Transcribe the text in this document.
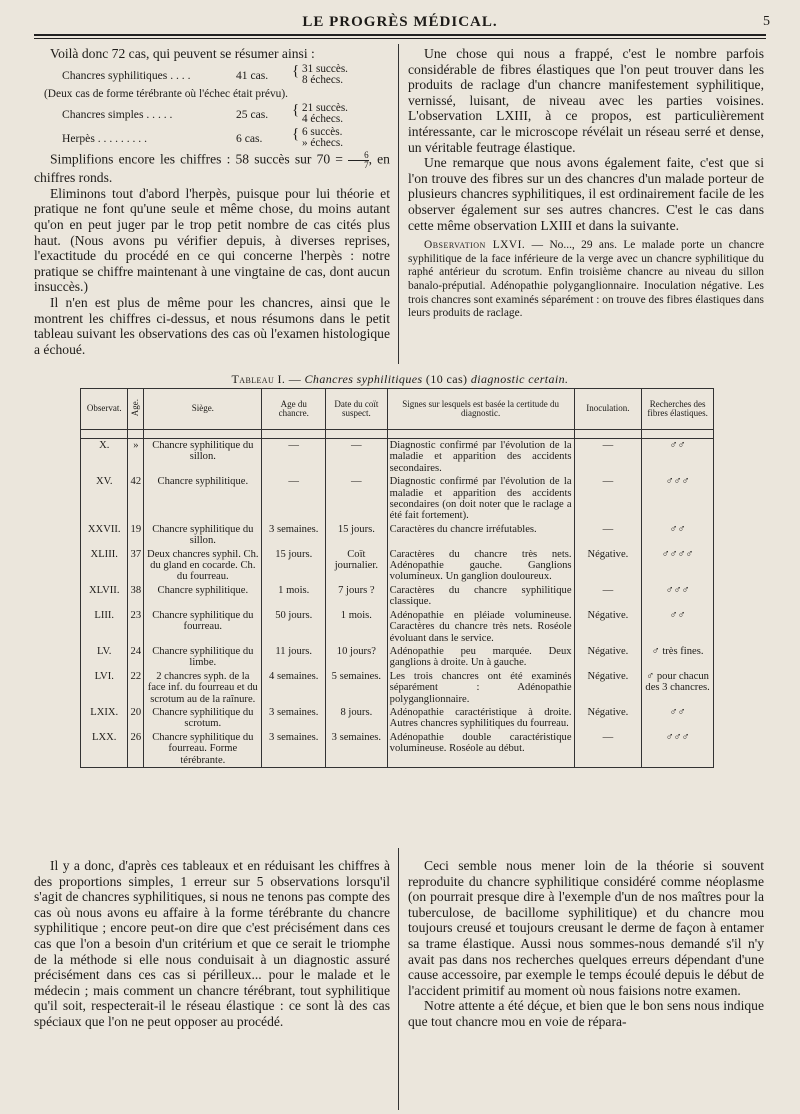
LE PROGRÈS MÉDICAL.	5

Voilà donc 72 cas, qui peuvent se résumer ainsi :

Chancres syphilitiques . . . .	41 cas. { 31 succès.
8 échecs.

(Deux cas de forme térébrante où l'échec était prévu).

Chancres simples . . . . .	25 cas. { 21 succès.
4 échecs.
Herpès . . . . . . . . .	6 cas. { 6 succès.
» échecs.

Simplifions encore les chiffres : 58 succès sur $70 = \frac{6}{7}$ , en chiffres ronds.

Eliminons tout d'abord l'herpès, puisque pour lui théorie et pratique ne font qu'une seule et même chose, du moins autant qu'on en peut juger par le trop petit nombre de cas cités plus haut. (Nous avons pu vérifier depuis, à diverses reprises, l'exactitude du procédé en ce qui concerne l'herpès : notre pratique se chiffre maintenant à une vingtaine de cas, dont aucun insuccès.)

Il n'en est plus de même pour les chancres, ainsi que le montrent les chiffres ci-dessus, et nous résumons dans le petit tableau suivant les observations des cas où l'examen histologique a échoué.

Une chose qui nous a frappé, c'est le nombre parfois considérable de fibres élastiques que l'on peut trouver dans les produits de raclage d'un chancre manifestement syphilitique, vernissé, luisant, de niveau avec les parties voisines. L'observation LXIII, à ce propos, est particulièrement intéressante, car le microscope révélait un réseau serré et dense, un véritable feutrage élastique.

Une remarque que nous avons également faite, c'est que si l'on trouve des fibres sur un des chancres d'un malade porteur de plusieurs chancres syphilitiques, il est ordinairement facile de les observer également sur ses autres chancres. C'est le cas dans cette même observation LXIII et dans la suivante.

Observation LXVI. — No..., 29 ans. Le malade porte un chancre syphilitique de la face inférieure de la verge avec un chancre syphilitique du raphé antérieur du scrotum. Enfin troisième chancre au niveau du sillon banalo-préputial. Adénopathie polyganglionnaire. Inoculation négative. Les trois chancres sont examinés séparément : on trouve des fibres élastiques dans leurs produits de raclage.

Tableau I. — Chancres syphilitiques (10 cas) diagnostic certain.
Observat.	Age.	Siège.	Age du chancre.	Date du coït suspect.	Signes sur lesquels est basée la certitude du diagnostic.	Inoculation.	Recherches des fibres élastiques.

X.	»	Chancre syphilitique du sillon.	—	—	Diagnostic confirmé par l'évolution de la maladie et apparition des accidents secondaires.	—	♂♂
XV.	42	Chancre syphilitique.	—	—	Diagnostic confirmé par l'évolution de la maladie et apparition des accidents secondaires (on doit noter que le raclage a été fait fortement).	—	♂♂♂
XXVII.	19	Chancre syphilitique du sillon.	3 semaines.	15 jours.	Caractères du chancre irréfutables.	—	♂♂
XLIII.	37	Deux chancres syphil. Ch. du gland en cocarde. Ch. du fourreau.	15 jours.	Coït journalier.	Caractères du chancre très nets. Adénopathie gauche. Ganglions volumineux. Un ganglion douloureux.	Négative.	♂♂♂♂
XLVII.	38	Chancre syphilitique.	1 mois.	7 jours ?	Caractères du chancre syphilitique classique.	—	♂♂♂
LIII.	23	Chancre syphilitique du fourreau.	50 jours.	1 mois.	Adénopathie en pléiade volumineuse. Caractères du chancre très nets. Roséole évoluant dans le service.	Négative.	♂♂
LV.	24	Chancre syphilitique du limbe.	11 jours.	10 jours?	Adénopathie peu marquée. Deux ganglions à droite. Un à gauche.	Négative.	♂ très fines.
LVI.	22	2 chancres syph. de la face inf. du fourreau et du scrotum au de la raînure.	4 semaines.	5 semaines.	Les trois chancres ont été examinés séparément : Adénopathie polyganglionnaire.	Négative.	♂ pour chacun des 3 chancres.
LXIX.	20	Chancre syphilitique du scrotum.	3 semaines.	8 jours.	Adénopathie caractéristique à droite. Autres chancres syphilitiques du fourreau.	Négative.	♂♂
LXX.	26	Chancre syphilitique du fourreau. Forme térébrante.	3 semaines.	3 semaines.	Adénopathie double caractéristique volumineuse. Roséole au début.	—	♂♂♂

Il y a donc, d'après ces tableaux et en réduisant les chiffres à des proportions simples, 1 erreur sur 5 observations lorsqu'il s'agit de chancres syphilitiques, si nous ne tenons pas compte des cas où nous avons eu affaire à la forme térébrante du chancre syphilitique ; encore peut-on dire que c'est précisément dans ces cas que l'on a besoin d'un critérium et que ce serait le triomphe de la méthode si elle nous conduisait à un diagnostic assuré précisément dans ces cas si périlleux... pour le malade et le médecin ; mais comment un chancre térébrant, tout syphilitique qu'il soit, respecterait-il le réseau élastique : ce sont là des cas spéciaux que l'on ne peut opposer au procédé.

Ceci semble nous mener loin de la théorie si souvent reproduite du chancre syphilitique considéré comme néoplasme (on pourrait presque dire à l'exemple d'un de nos maîtres pour la tuberculose, de bacillome syphilitique) et du chancre mou toujours creusé et toujours creusant le derme de façon à entamer sa trame élastique. Aussi nous sommes-nous demandé s'il n'y avait pas dans nos recherches quelques erreurs dépendant d'une cause accessoire, par exemple le temps écoulé depuis le début de l'accident primitif au moment où nous faisions notre examen.

Notre attente a été déçue, et bien que le bon sens nous indique que tout chancre mou en voie de répara-
